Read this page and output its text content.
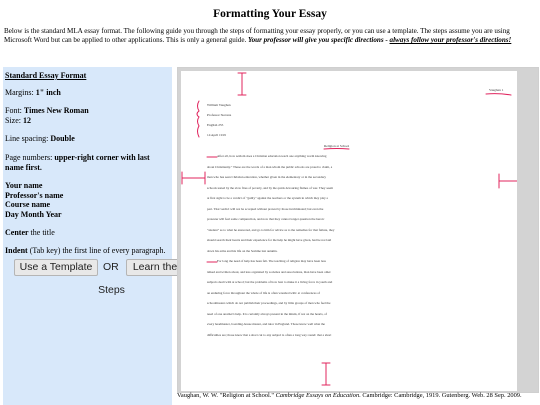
Formatting Your Essay
Below is the standard MLA essay format. The following guide you through the steps of formatting your essay properly, or you can use a template. The steps assume you are using Microsoft Word but can be applied to other applications. This is only a general guide. Your professor will give you specific directions - always follow your professor's directions!
Standard Essay Format

Margins: 1" inch

Font: Times New Roman

Size: 12

Line spacing: Double

Page numbers: upper-right corner with last name first.

Your name
Professor's name
Course name
Day Month Year

Center the title

Indent (Tab key) the first line of every paragraph.

Use a Template	OR	Learn the
Steps
Vaughan 1
William Vaughan
Professor Stevens
English 255
14 April 1919
Religion at School
After all, how seldom does a Christian education teach one anything worth knowing
about Christianity." These are the words of a man whom the public schools are proud to claim, a
man who has seen Christian education, whether given in the elementary or in the secondary
schools tested by the slow fires of poverty, and by the quick devouring flames of war. They seem
at first sight to be a verdict of "guilty" against the teachers or the system in which they play a
part. That verdict will not be accepted without protest by those incriminated; but even the
protester will feel some compunction, and now that they cannot longer question the heroic
"student" as to what he answered, and go to him for advice as to the remedies for that failure, they
should search their hearts and their experience for the help he might have given, had he not laid
down his arms and his life on the Somme last autumn.
For long the need of help has been felt. The teaching of religion may have been less
talked and written about, and less organized by societies and associations, than have been other
subjects dealt with at school; but the problems of how best to make it a living force in youth and
an enduring force throughout the whole of life is often wrestled with: at conferences of
schoolmasters which do not publish their proceedings, and by little groups of men who feel the
need of one another's help. It is certainly always present in the minds, if not on the hearts, of
every headmaster, boarding-house master, and tutor in England. Those know well what the
difficulties are; those know that a short cut to any subject is often a long way round: that a short
Vaughan, W. W. "Religion at School." Cambridge Essays on Education. Cambridge: Cambridge, 1919. Gutenberg. Web. 28 Sep. 2009.
